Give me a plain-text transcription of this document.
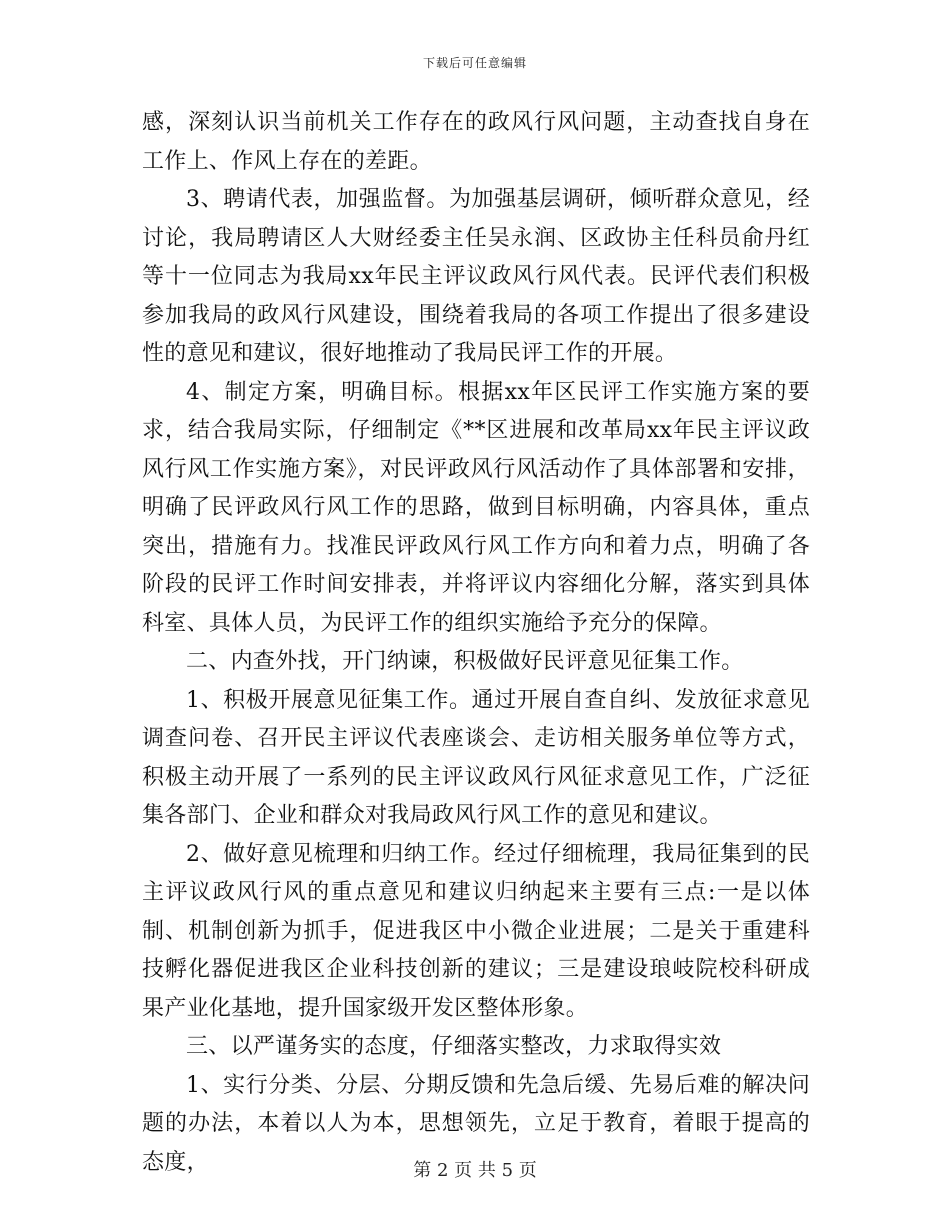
下载后可任意编辑

感，深刻认识当前机关工作存在的政风行风问题，主动查找自身在工作上、作风上存在的差距。

3、聘请代表，加强监督。为加强基层调研，倾听群众意见，经讨论，我局聘请区人大财经委主任吴永润、区政协主任科员俞丹红等十一位同志为我局xx年民主评议政风行风代表。民评代表们积极参加我局的政风行风建设，围绕着我局的各项工作提出了很多建设性的意见和建议，很好地推动了我局民评工作的开展。

4、制定方案，明确目标。根据xx年区民评工作实施方案的要求，结合我局实际，仔细制定《**区进展和改革局xx年民主评议政风行风工作实施方案》，对民评政风行风活动作了具体部署和安排，明确了民评政风行风工作的思路，做到目标明确，内容具体，重点突出，措施有力。找准民评政风行风工作方向和着力点，明确了各阶段的民评工作时间安排表，并将评议内容细化分解，落实到具体科室、具体人员，为民评工作的组织实施给予充分的保障。

二、内查外找，开门纳谏，积极做好民评意见征集工作。

1、积极开展意见征集工作。通过开展自查自纠、发放征求意见调查问卷、召开民主评议代表座谈会、走访相关服务单位等方式，积极主动开展了一系列的民主评议政风行风征求意见工作，广泛征集各部门、企业和群众对我局政风行风工作的意见和建议。

2、做好意见梳理和归纳工作。经过仔细梳理，我局征集到的民主评议政风行风的重点意见和建议归纳起来主要有三点:一是以体制、机制创新为抓手，促进我区中小微企业进展；二是关于重建科技孵化器促进我区企业科技创新的建议；三是建设琅岐院校科研成果产业化基地，提升国家级开发区整体形象。

三、以严谨务实的态度，仔细落实整改，力求取得实效

1、实行分类、分层、分期反馈和先急后缓、先易后难的解决问题的办法，本着以人为本，思想领先，立足于教育，着眼于提高的态度，	第 2 页 共 5 页
